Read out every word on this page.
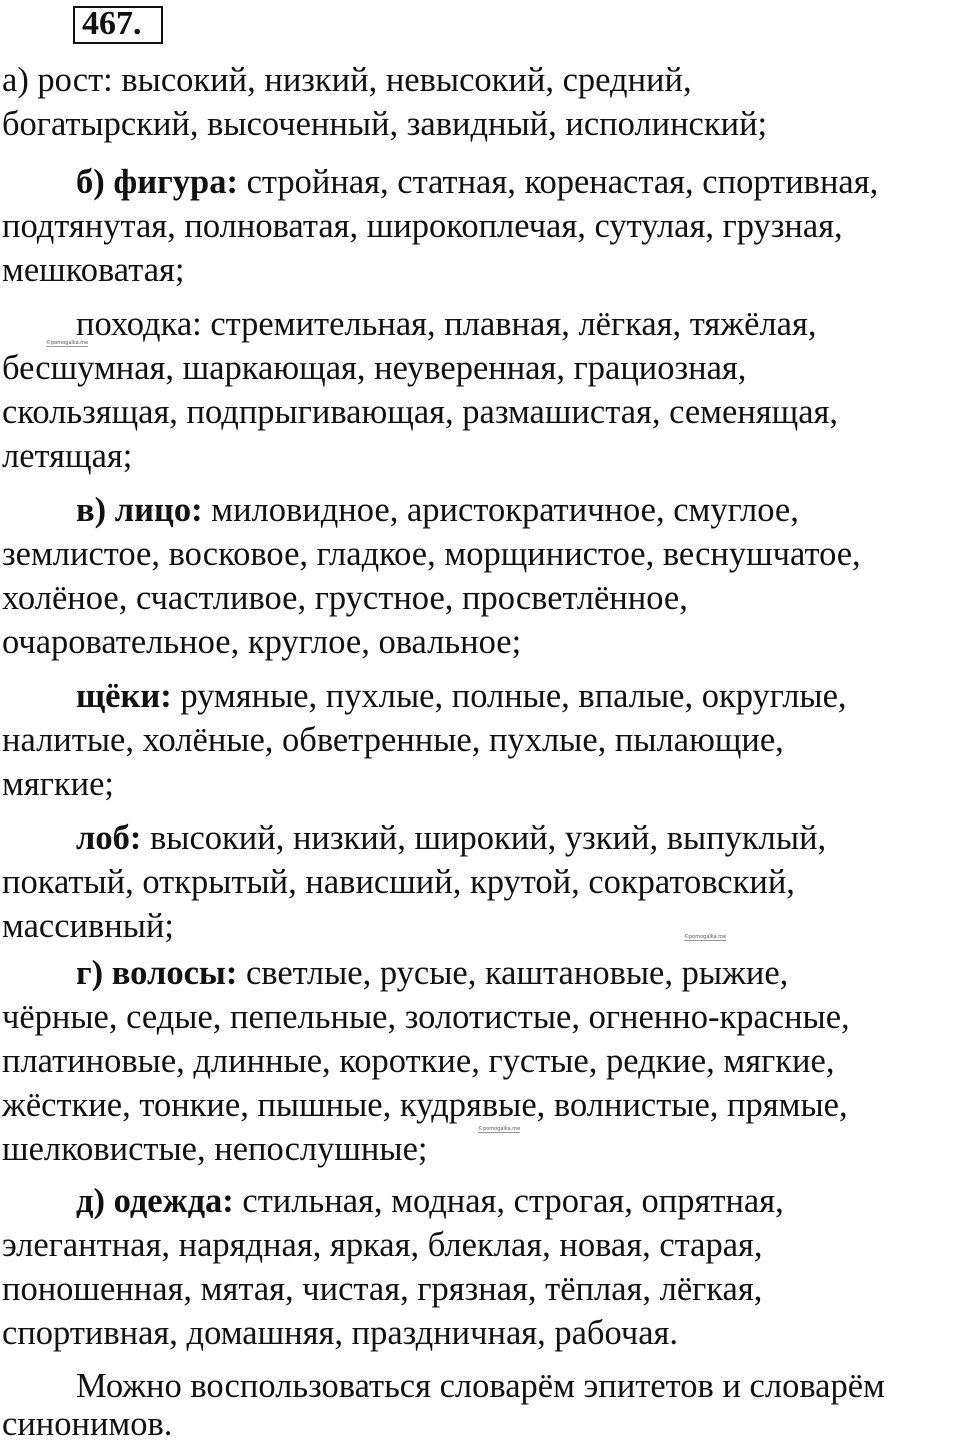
467.
а) рост: высокий, низкий, невысокий, средний,
богатырский, высоченный, завидный, исполинский;
б) фигура: стройная, статная, коренастая, спортивная,
подтянутая, полноватая, широкоплечая, сутулая, грузная,
мешковатая;
походка: стремительная, плавная, лёгкая, тяжёлая,
бесшумная, шаркающая, неуверенная, грациозная,
скользящая, подпрыгивающая, размашистая, семенящая,
летящая;
в) лицо: миловидное, аристократичное, смуглое,
землистое, восковое, гладкое, морщинистое, веснушчатое,
холёное, счастливое, грустное, просветлённое,
очаровательное, круглое, овальное;
щёки: румяные, пухлые, полные, впалые, округлые,
налитые, холёные, обветренные, пухлые, пылающие,
мягкие;
лоб: высокий, низкий, широкий, узкий, выпуклый,
покатый, открытый, нависший, крутой, сократовский,
массивный;
г) волосы: светлые, русые, каштановые, рыжие,
чёрные, седые, пепельные, золотистые, огненно-красные,
платиновые, длинные, короткие, густые, редкие, мягкие,
жёсткие, тонкие, пышные, кудрявые, волнистые, прямые,
шелковистые, непослушные;
д) одежда: стильная, модная, строгая, опрятная,
элегантная, нарядная, яркая, блеклая, новая, старая,
поношенная, мятая, чистая, грязная, тёплая, лёгкая,
спортивная, домашняя, праздничная, рабочая.
Можно воспользоваться словарём эпитетов и словарём
синонимов.
©pomogalka.me
©pomogalka.me
©pomogalka.me
